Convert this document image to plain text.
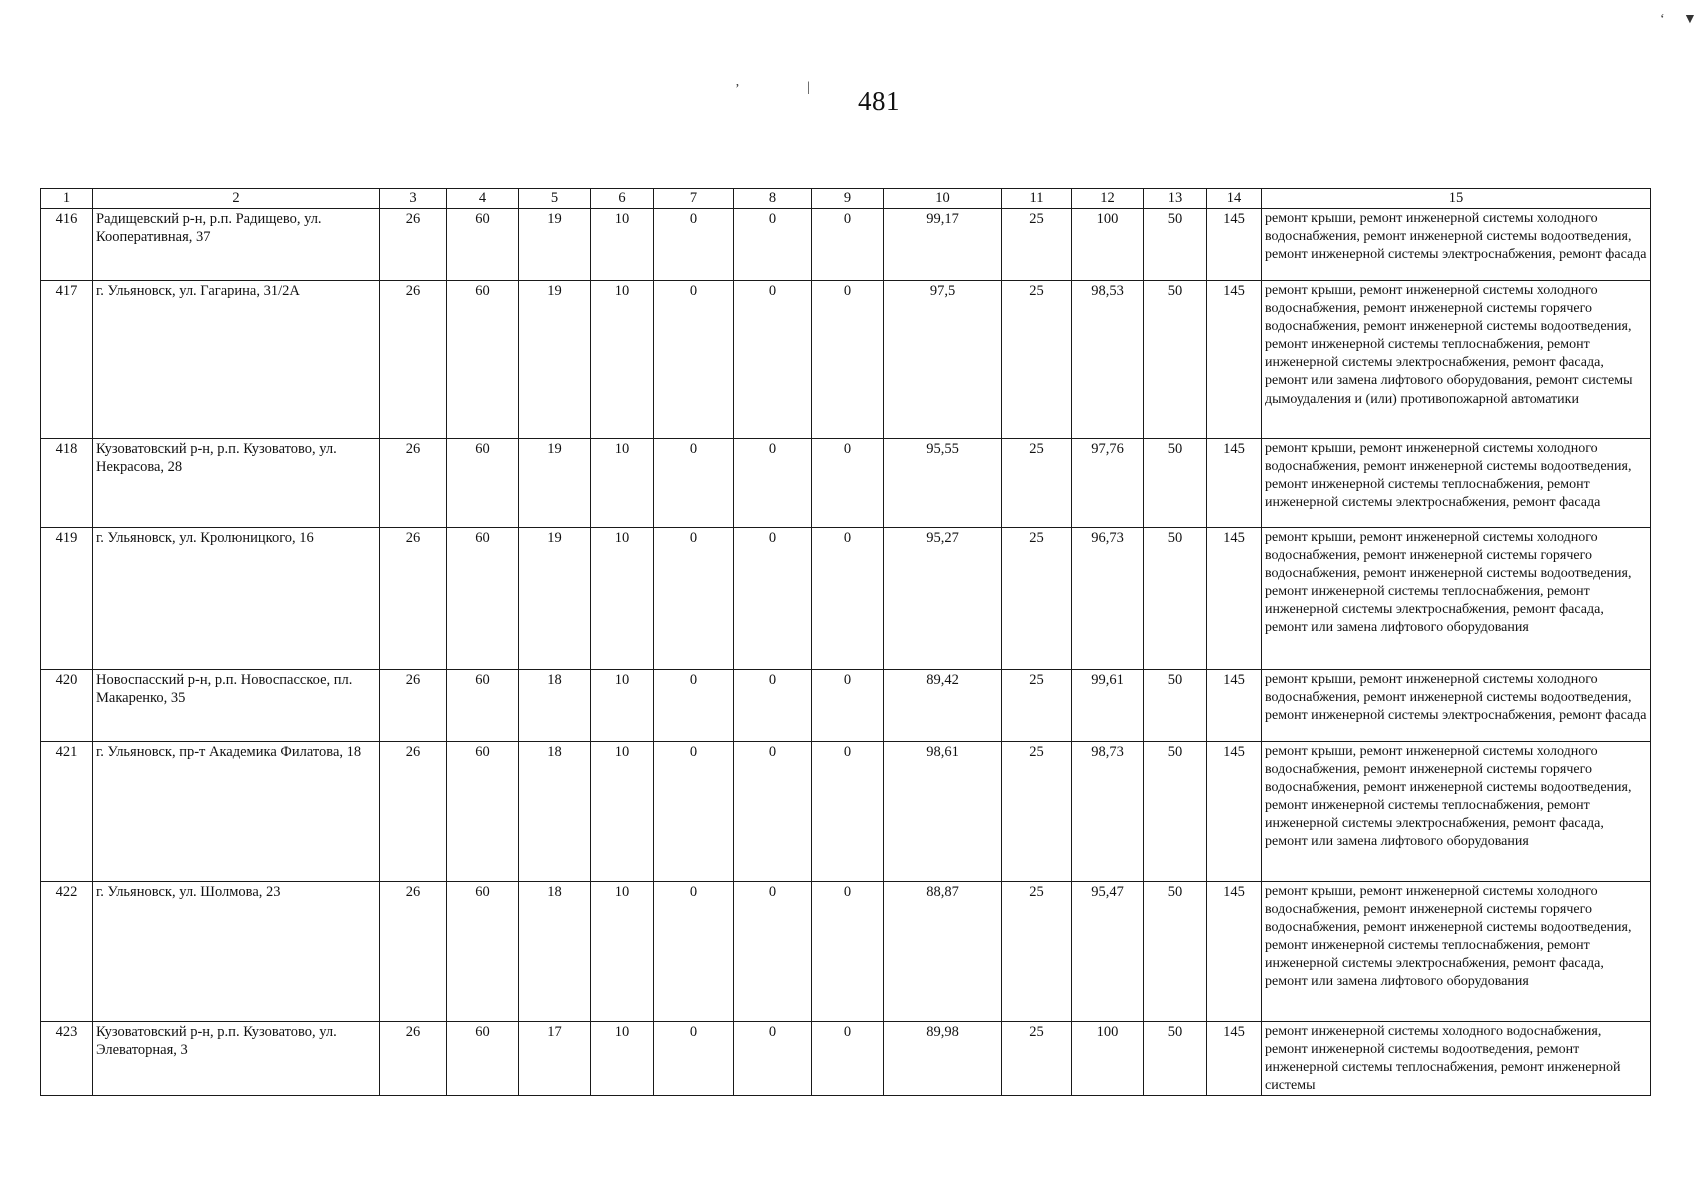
’	|
‘ ▼
481
1	2	3	4	5	6	7	8	9	10	11	12	13	14	15
416	Радищевский р-н, р.п. Радищево, ул. Кооперативная, 37	26	60	19	10	0	0	0	99,17	25	100	50	145	ремонт крыши, ремонт инженерной системы холодного водоснабжения, ремонт инженерной системы водоотведения, ремонт инженерной системы электроснабжения, ремонт фасада
417	г. Ульяновск, ул. Гагарина, 31/2А	26	60	19	10	0	0	0	97,5	25	98,53	50	145	ремонт крыши, ремонт инженерной системы холодного водоснабжения, ремонт инженерной системы горячего водоснабжения, ремонт инженерной системы водоотведения, ремонт инженерной системы теплоснабжения, ремонт инженерной системы электроснабжения, ремонт фасада, ремонт или замена лифтового оборудования, ремонт системы дымоудаления и (или) противопожарной автоматики
418	Кузоватовский р-н, р.п. Кузоватово, ул. Некрасова, 28	26	60	19	10	0	0	0	95,55	25	97,76	50	145	ремонт крыши, ремонт инженерной системы холодного водоснабжения, ремонт инженерной системы водоотведения, ремонт инженерной системы теплоснабжения, ремонт инженерной системы электроснабжения, ремонт фасада
419	г. Ульяновск, ул. Кролюницкого, 16	26	60	19	10	0	0	0	95,27	25	96,73	50	145	ремонт крыши, ремонт инженерной системы холодного водоснабжения, ремонт инженерной системы горячего водоснабжения, ремонт инженерной системы водоотведения, ремонт инженерной системы теплоснабжения, ремонт инженерной системы электроснабжения, ремонт фасада, ремонт или замена лифтового оборудования
420	Новоспасский р-н, р.п. Новоспасское, пл. Макаренко, 35	26	60	18	10	0	0	0	89,42	25	99,61	50	145	ремонт крыши, ремонт инженерной системы холодного водоснабжения, ремонт инженерной системы водоотведения, ремонт инженерной системы электроснабжения, ремонт фасада
421	г. Ульяновск, пр-т Академика Филатова, 18	26	60	18	10	0	0	0	98,61	25	98,73	50	145	ремонт крыши, ремонт инженерной системы холодного водоснабжения, ремонт инженерной системы горячего водоснабжения, ремонт инженерной системы водоотведения, ремонт инженерной системы теплоснабжения, ремонт инженерной системы электроснабжения, ремонт фасада, ремонт или замена лифтового оборудования
422	г. Ульяновск, ул. Шолмова, 23	26	60	18	10	0	0	0	88,87	25	95,47	50	145	ремонт крыши, ремонт инженерной системы холодного водоснабжения, ремонт инженерной системы горячего водоснабжения, ремонт инженерной системы водоотведения, ремонт инженерной системы теплоснабжения, ремонт инженерной системы электроснабжения, ремонт фасада, ремонт или замена лифтового оборудования
423	Кузоватовский р-н, р.п. Кузоватово, ул. Элеваторная, 3	26	60	17	10	0	0	0	89,98	25	100	50	145	ремонт инженерной системы холодного водоснабжения, ремонт инженерной системы водоотведения, ремонт инженерной системы теплоснабжения, ремонт инженерной системы
